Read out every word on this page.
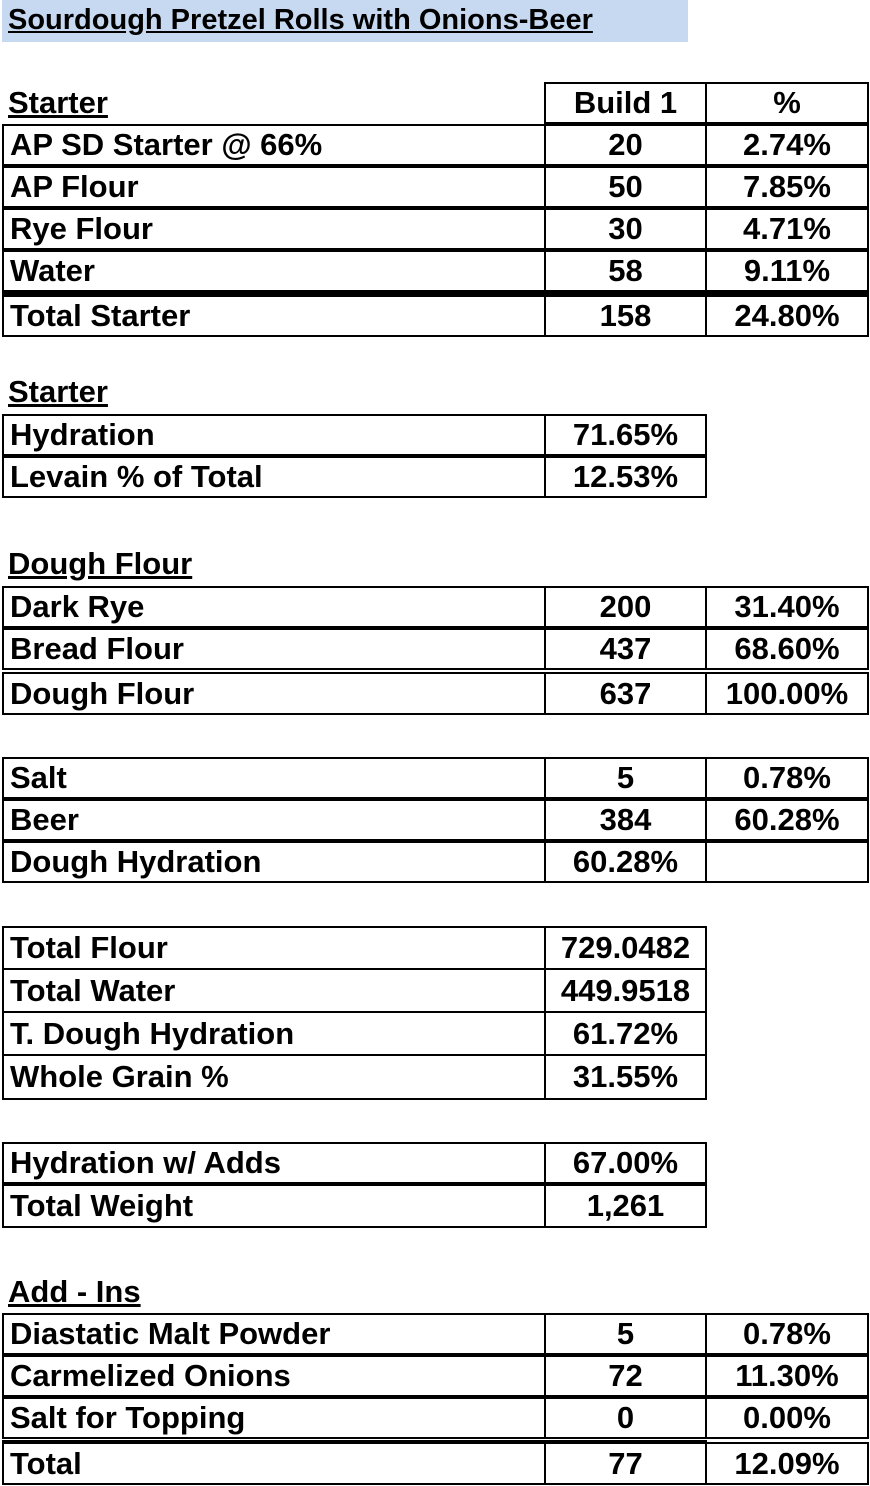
Sourdough Pretzel Rolls with Onions-Beer
Starter	Build 1	%
AP SD Starter @ 66%	20	2.74%
AP Flour	50	7.85%
Rye Flour	30	4.71%
Water	58	9.11%
Total Starter	158	24.80%
Starter
Hydration	71.65%
Levain % of Total	12.53%
Dough Flour
Dark Rye	200	31.40%
Bread Flour	437	68.60%
Dough Flour	637	100.00%
Salt	5	0.78%
Beer	384	60.28%
Dough Hydration	60.28%
Total Flour	729.0482
Total Water	449.9518
T. Dough Hydration	61.72%
Whole Grain %	31.55%
Hydration w/ Adds	67.00%
Total Weight	1,261
Add - Ins
Diastatic Malt Powder	5	0.78%
Carmelized Onions	72	11.30%
Salt for Topping	0	0.00%
Total	77	12.09%
